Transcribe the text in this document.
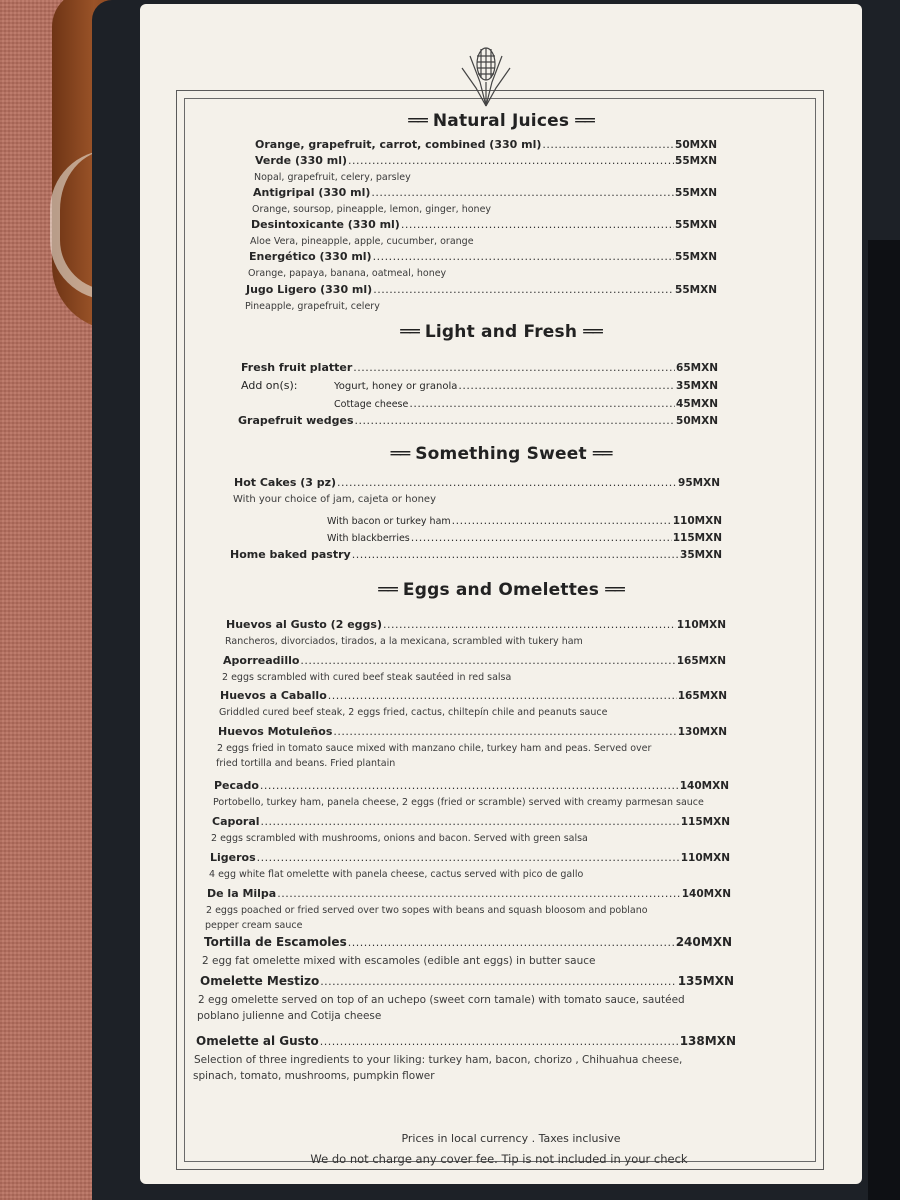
══ Natural Juices ══
Orange, grapefruit, carrot, combined (330 ml) .....	50MXN
Verde (330 ml) .....	55MXN
Nopal, grapefruit, celery, parsley
Antigripal (330 ml) .....	55MXN
Orange, soursop, pineapple, lemon, ginger, honey
Desintoxicante (330 ml) .....	55MXN
Aloe Vera, pineapple, apple, cucumber, orange
Energético (330 ml) .....	55MXN
Orange, papaya, banana, oatmeal, honey
Jugo Ligero (330 ml) .....	55MXN
Pineapple, grapefruit, celery
══ Light and Fresh ══
Fresh fruit platter .....	65MXN
Add on(s):	Yogurt, honey or granola .....	35MXN
Cottage cheese .....	45MXN
Grapefruit wedges .....	50MXN
══ Something Sweet ══
Hot Cakes (3 pz) .....	95MXN
With your choice of jam, cajeta or honey
With bacon or turkey ham .....	110MXN
With blackberries .....	115MXN
Home baked pastry .....	35MXN
══ Eggs and Omelettes ══
Huevos al Gusto (2 eggs) .....	110MXN
Rancheros, divorciados, tirados, a la mexicana, scrambled with tukery ham
Aporreadillo .....	165MXN
2 eggs scrambled with cured beef steak sautéed in red salsa
Huevos a Caballo .....	165MXN
Griddled cured beef steak, 2 eggs fried, cactus, chiltepín chile and peanuts sauce
Huevos Motuleños .....	130MXN
2 eggs fried in tomato sauce mixed with manzano chile, turkey ham and peas. Served over
fried tortilla and beans. Fried plantain
Pecado .....	140MXN
Portobello, turkey ham, panela cheese, 2 eggs (fried or scramble) served with creamy parmesan sauce
Caporal .....	115MXN
2 eggs scrambled with mushrooms, onions and bacon. Served with green salsa
Ligeros .....	110MXN
4 egg white flat omelette with panela cheese, cactus served with pico de gallo
De la Milpa .....	140MXN
2 eggs poached or fried served over two sopes with beans and squash bloosom and poblano
pepper cream sauce
Tortilla de Escamoles .....	240MXN
2 egg fat omelette mixed with escamoles (edible ant eggs) in butter sauce
Omelette Mestizo .....	135MXN
2 egg omelette served on top of an uchepo (sweet corn tamale) with tomato sauce, sautéed
poblano julienne and Cotija cheese
Omelette al Gusto .....	138MXN
Selection of three ingredients to your liking: turkey ham, bacon, chorizo , Chihuahua cheese,
spinach, tomato, mushrooms, pumpkin flower
Prices in local currency . Taxes inclusive
We do not charge any cover fee. Tip is not included in your check
